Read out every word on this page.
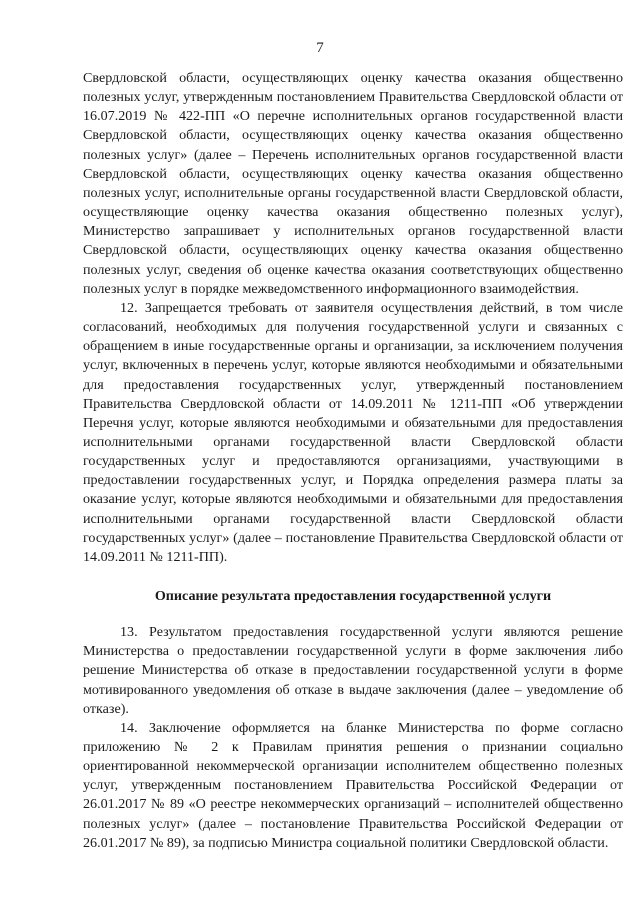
7

Свердловской области, осуществляющих оценку качества оказания общественно полезных услуг, утвержденным постановлением Правительства Свердловской области от 16.07.2019 № 422-ПП «О перечне исполнительных органов государственной власти Свердловской области, осуществляющих оценку качества оказания общественно полезных услуг» (далее – Перечень исполнительных органов государственной власти Свердловской области, осуществляющих оценку качества оказания общественно полезных услуг, исполнительные органы государственной власти Свердловской области, осуществляющие оценку качества оказания общественно полезных услуг), Министерство запрашивает у исполнительных органов государственной власти Свердловской области, осуществляющих оценку качества оказания общественно полезных услуг, сведения об оценке качества оказания соответствующих общественно полезных услуг в порядке межведомственного информационного взаимодействия.

12. Запрещается требовать от заявителя осуществления действий, в том числе согласований, необходимых для получения государственной услуги и связанных с обращением в иные государственные органы и организации, за исключением получения услуг, включенных в перечень услуг, которые являются необходимыми и обязательными для предоставления государственных услуг, утвержденный постановлением Правительства Свердловской области от 14.09.2011 № 1211-ПП «Об утверждении Перечня услуг, которые являются необходимыми и обязательными для предоставления исполнительными органами государственной власти Свердловской области государственных услуг и предоставляются организациями, участвующими в предоставлении государственных услуг, и Порядка определения размера платы за оказание услуг, которые являются необходимыми и обязательными для предоставления исполнительными органами государственной власти Свердловской области государственных услуг» (далее – постановление Правительства Свердловской области от 14.09.2011 № 1211-ПП).

Описание результата предоставления государственной услуги

13. Результатом предоставления государственной услуги являются решение Министерства о предоставлении государственной услуги в форме заключения либо решение Министерства об отказе в предоставлении государственной услуги в форме мотивированного уведомления об отказе в выдаче заключения (далее – уведомление об отказе).

14. Заключение оформляется на бланке Министерства по форме согласно приложению № 2 к Правилам принятия решения о признании социально ориентированной некоммерческой организации исполнителем общественно полезных услуг, утвержденным постановлением Правительства Российской Федерации от 26.01.2017 № 89 «О реестре некоммерческих организаций – исполнителей общественно полезных услуг» (далее – постановление Правительства Российской Федерации от 26.01.2017 № 89), за подписью Министра социальной политики Свердловской области.
